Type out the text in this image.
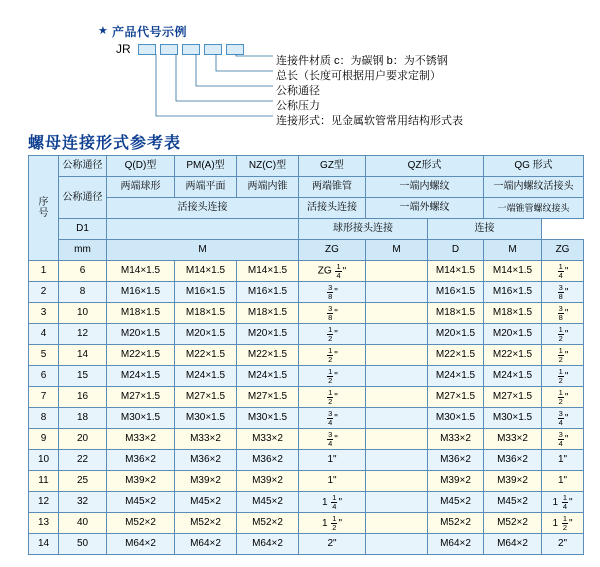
★ 产品代号示例
JR
连接件材质 c：为碳钢 b：为不锈钢
总长（长度可根据用户要求定制）
公称通径
公称压力
连接形式：见金属软管常用结构形式表
螺母连接形式参考表
序
号	公称通径	Q(D)型	PM(A)型	NZ(C)型	GZ型	QZ形式		QG 形式	
	公称通径	两端球形	两端平面	两端内锥	两端锥管	一端内螺纹		一端内螺纹活接头	
		活接头连接			活接头连接	一端外螺纹		一端锥管螺纹接头	
	D1				球形接头连接		连接		
	mm	M			ZG	M	D	M	ZG
1	6	M14×1.5	M14×1.5	M14×1.5	ZG $\frac{1}{4}$ "		M14×1.5	M14×1.5	$\frac{1}{4}$ "
2	8	M16×1.5	M16×1.5	M16×1.5	$\frac{3}{8}$ "		M16×1.5	M16×1.5	$\frac{3}{8}$ "
3	10	M18×1.5	M18×1.5	M18×1.5	$\frac{3}{8}$ "		M18×1.5	M18×1.5	$\frac{3}{8}$ "
4	12	M20×1.5	M20×1.5	M20×1.5	$\frac{1}{2}$ "		M20×1.5	M20×1.5	$\frac{1}{2}$ "
5	14	M22×1.5	M22×1.5	M22×1.5	$\frac{1}{2}$ "		M22×1.5	M22×1.5	$\frac{1}{2}$ "
6	15	M24×1.5	M24×1.5	M24×1.5	$\frac{1}{2}$ "		M24×1.5	M24×1.5	$\frac{1}{2}$ "
7	16	M27×1.5	M27×1.5	M27×1.5	$\frac{1}{2}$ "		M27×1.5	M27×1.5	$\frac{1}{2}$ "
8	18	M30×1.5	M30×1.5	M30×1.5	$\frac{3}{4}$ "		M30×1.5	M30×1.5	$\frac{3}{4}$ "
9	20	M33×2	M33×2	M33×2	$\frac{3}{4}$ "		M33×2	M33×2	$\frac{3}{4}$ "
10	22	M36×2	M36×2	M36×2	1"		M36×2	M36×2	1"
11	25	M39×2	M39×2	M39×2	1"		M39×2	M39×2	1"
12	32	M45×2	M45×2	M45×2	$1 \frac{1}{4}$ "		M45×2	M45×2	$1 \frac{1}{4}$ "
13	40	M52×2	M52×2	M52×2	$1 \frac{1}{2}$ "		M52×2	M52×2	$1 \frac{1}{2}$ "
14	50	M64×2	M64×2	M64×2	2"		M64×2	M64×2	2"
